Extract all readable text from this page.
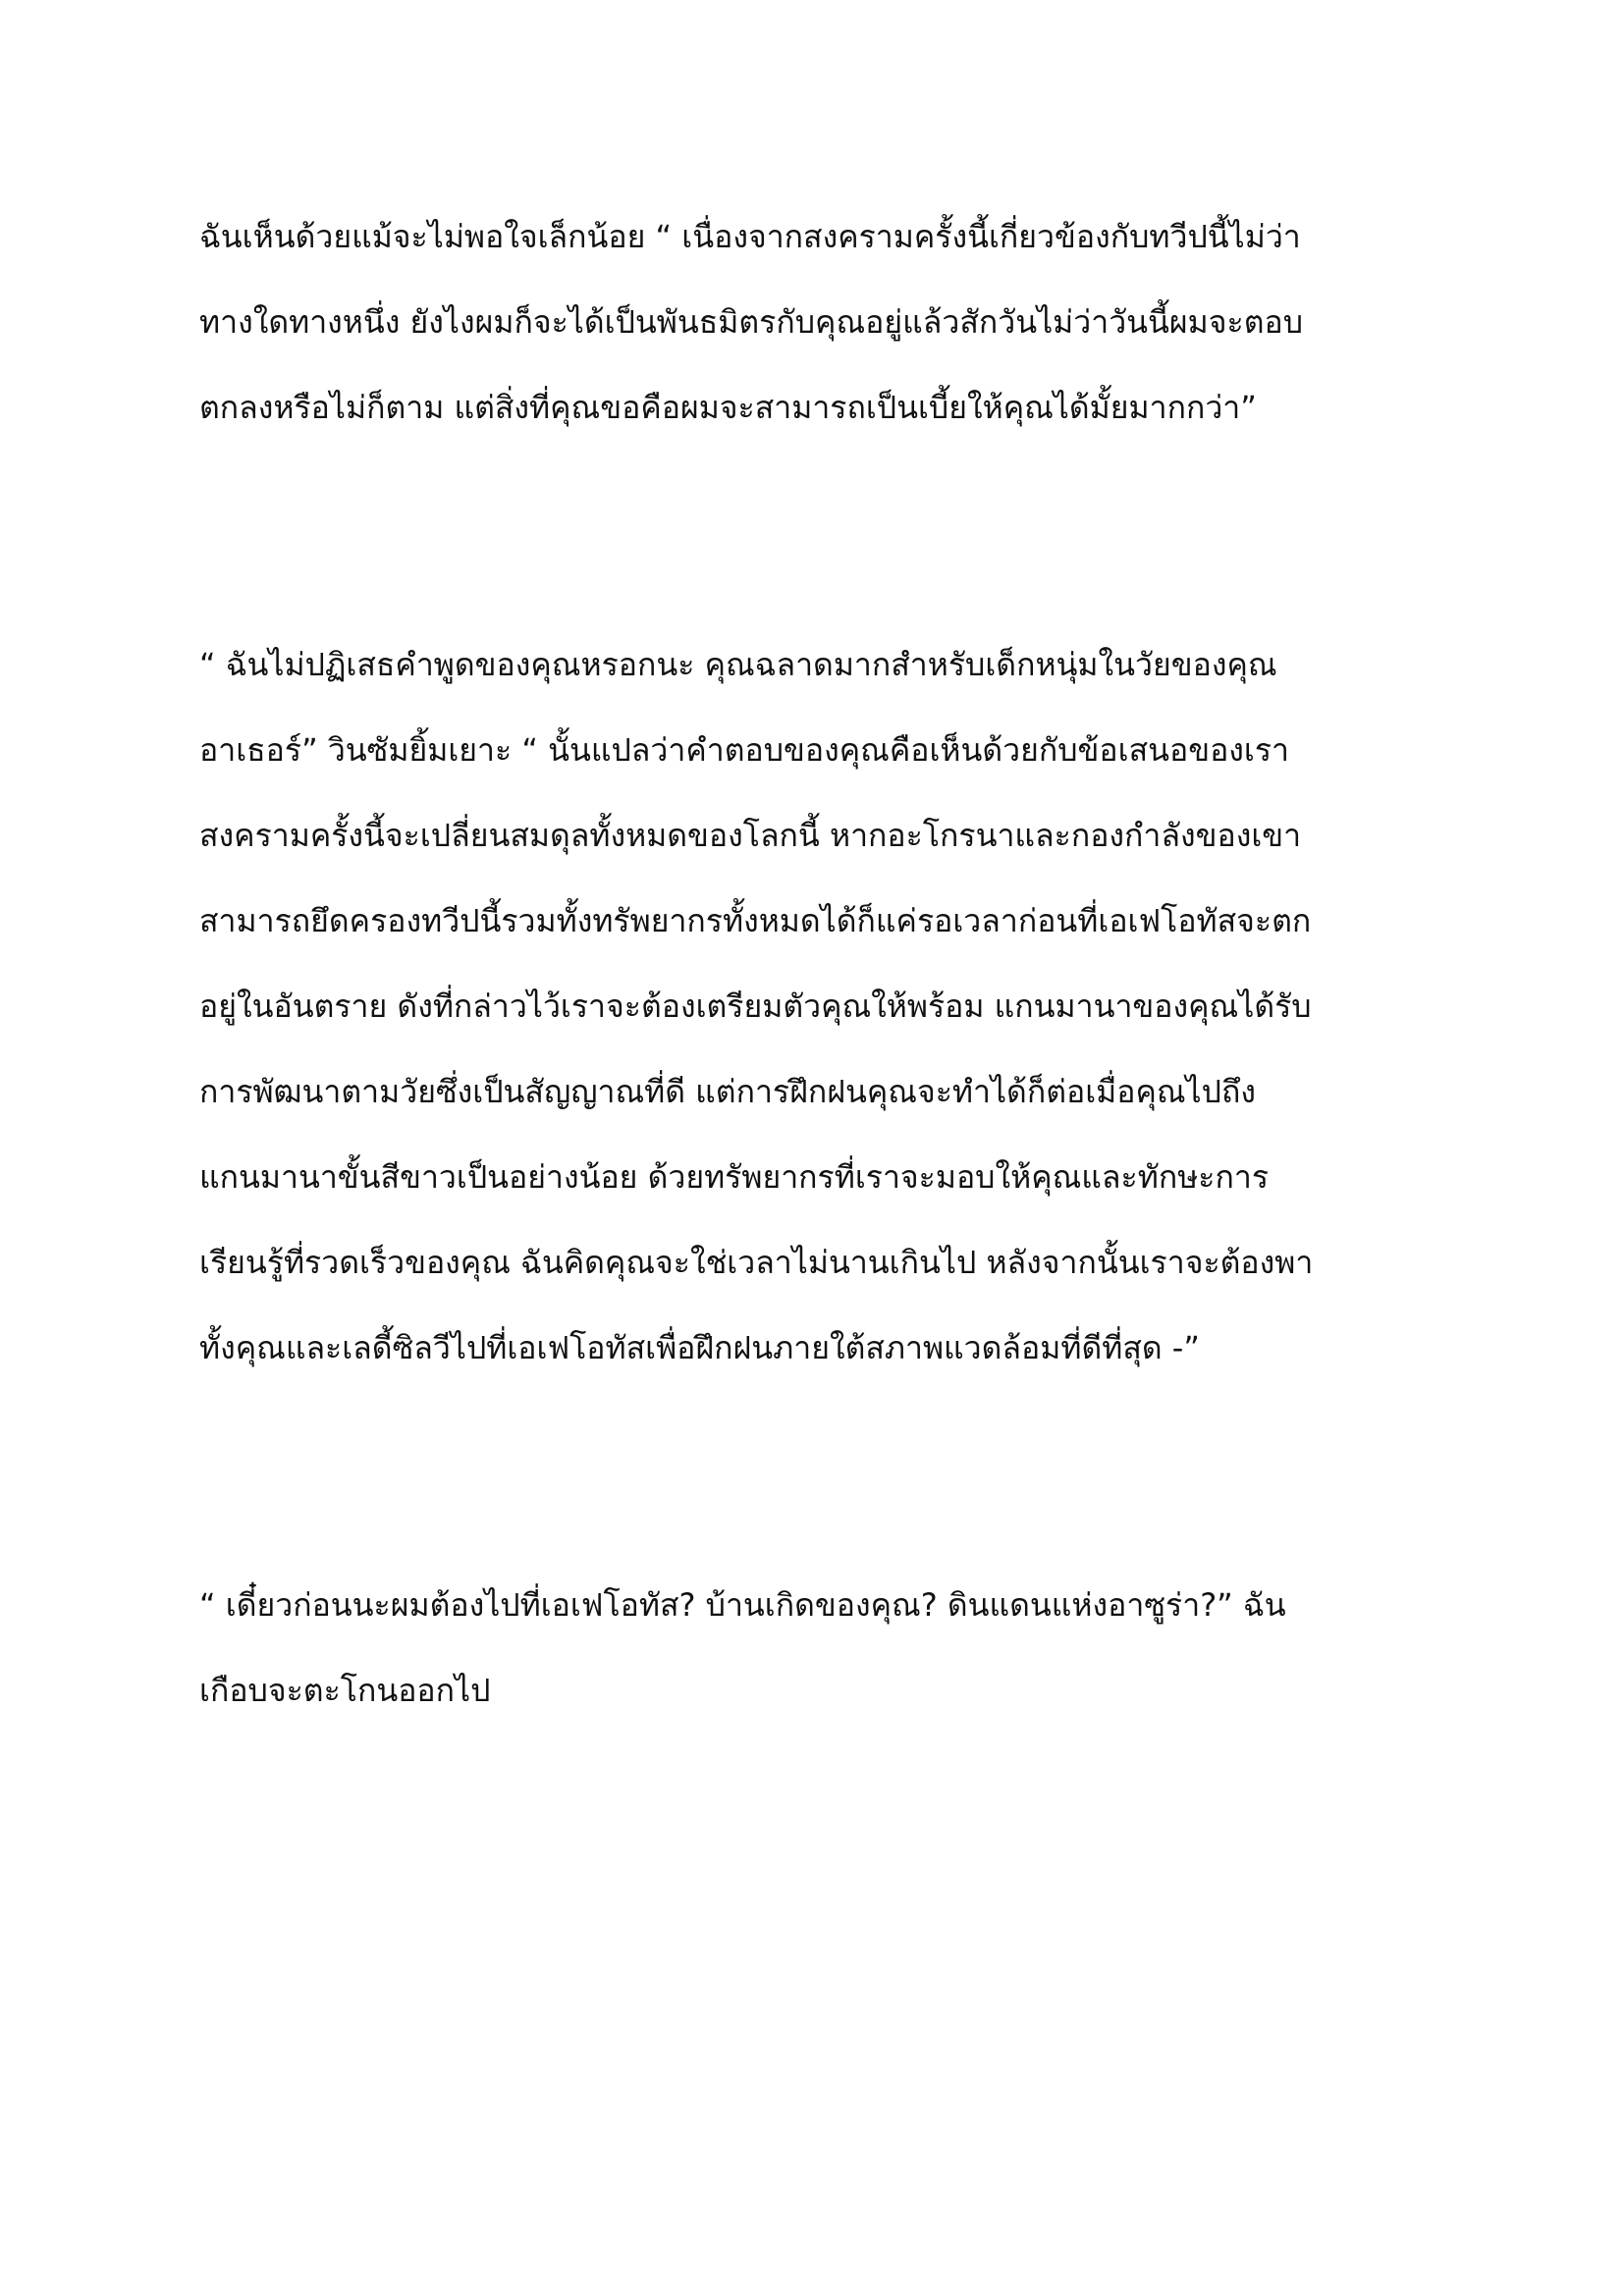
ฉันเห็นด้วยแม้จะไม่พอใจเล็กน้อย “ เนื่องจากสงครามครั้งนี้เกี่ยวข้องกับทวีปนี้ไม่ว่า
ทางใดทางหนึ่ง ยังไงผมก็จะได้เป็นพันธมิตรกับคุณอยู่แล้วสักวันไม่ว่าวันนี้ผมจะตอบ
ตกลงหรือไม่ก็ตาม แต่สิ่งที่คุณขอคือผมจะสามารถเป็นเบี้ยให้คุณได้มั้ยมากกว่า”

“ ฉันไม่ปฏิเสธคำพูดของคุณหรอกนะ คุณฉลาดมากสำหรับเด็กหนุ่มในวัยของคุณ
อาเธอร์” วินซัมยิ้มเยาะ “ นั้นแปลว่าคำตอบของคุณคือเห็นด้วยกับข้อเสนอของเรา
สงครามครั้งนี้จะเปลี่ยนสมดุลทั้งหมดของโลกนี้ หากอะโกรนาและกองกำลังของเขา
สามารถยึดครองทวีปนี้รวมทั้งทรัพยากรทั้งหมดได้ก็แค่รอเวลาก่อนที่เอเฟโอทัสจะตก
อยู่ในอันตราย ดังที่กล่าวไว้เราจะต้องเตรียมตัวคุณให้พร้อม แกนมานาของคุณได้รับ
การพัฒนาตามวัยซึ่งเป็นสัญญาณที่ดี แต่การฝึกฝนคุณจะทำได้ก็ต่อเมื่อคุณไปถึง
แกนมานาขั้นสีขาวเป็นอย่างน้อย ด้วยทรัพยากรที่เราจะมอบให้คุณและทักษะการ
เรียนรู้ที่รวดเร็วของคุณ ฉันคิดคุณจะใช่เวลาไม่นานเกินไป หลังจากนั้นเราจะต้องพา
ทั้งคุณและเลดี้ซิลวีไปที่เอเฟโอทัสเพื่อฝึกฝนภายใต้สภาพแวดล้อมที่ดีที่สุด -”

“ เดี๋ยวก่อนนะผมต้องไปที่เอเฟโอทัส? บ้านเกิดของคุณ? ดินแดนแห่งอาซูร่า?” ฉัน
เกือบจะตะโกนออกไป
